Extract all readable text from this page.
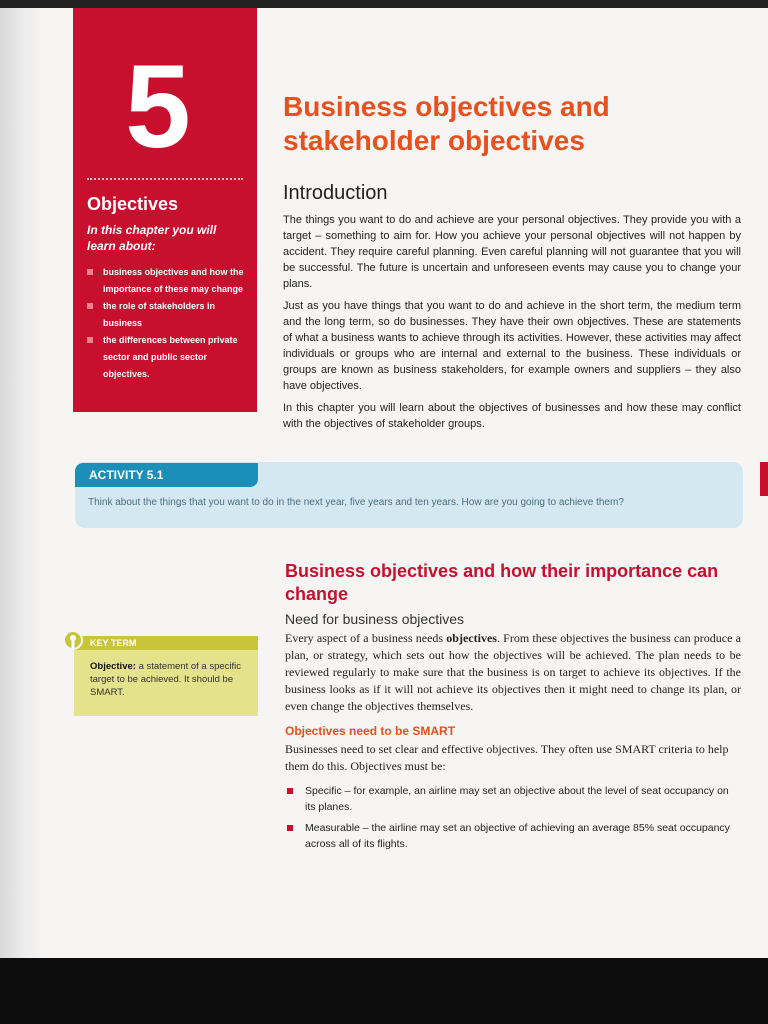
5
Objectives
In this chapter you will learn about:
business objectives and how the importance of these may change
the role of stakeholders in business
the differences between private sector and public sector objectives.
Business objectives and stakeholder objectives
Introduction

The things you want to do and achieve are your personal objectives. They provide you with a target – something to aim for. How you achieve your personal objectives will not happen by accident. They require careful planning. Even careful planning will not guarantee that you will be successful. The future is uncertain and unforeseen events may cause you to change your plans.

Just as you have things that you want to do and achieve in the short term, the medium term and the long term, so do businesses. They have their own objectives. These are statements of what a business wants to achieve through its activities. However, these activities may affect individuals or groups who are internal and external to the business. These individuals or groups are known as business stakeholders, for example owners and suppliers – they also have objectives.

In this chapter you will learn about the objectives of businesses and how these may conflict with the objectives of stakeholder groups.

ACTIVITY 5.1
Think about the things that you want to do in the next year, five years and ten years. How are you going to achieve them?
Business objectives and how their importance can change
Need for business objectives

Every aspect of a business needs objectives. From these objectives the business can produce a plan, or strategy, which sets out how the objectives will be achieved. The plan needs to be reviewed regularly to make sure that the business is on target to achieve its objectives. If the business looks as if it will not achieve its objectives then it might need to change its plan, or even change the objectives themselves.

Objectives need to be SMART

Businesses need to set clear and effective objectives. They often use SMART criteria to help them do this. Objectives must be:

Specific – for example, an airline may set an objective about the level of seat occupancy on its planes.
Measurable – the airline may set an objective of achieving an average 85% seat occupancy across all of its flights.
KEY TERM
Objective: a statement of a specific target to be achieved. It should be SMART.
